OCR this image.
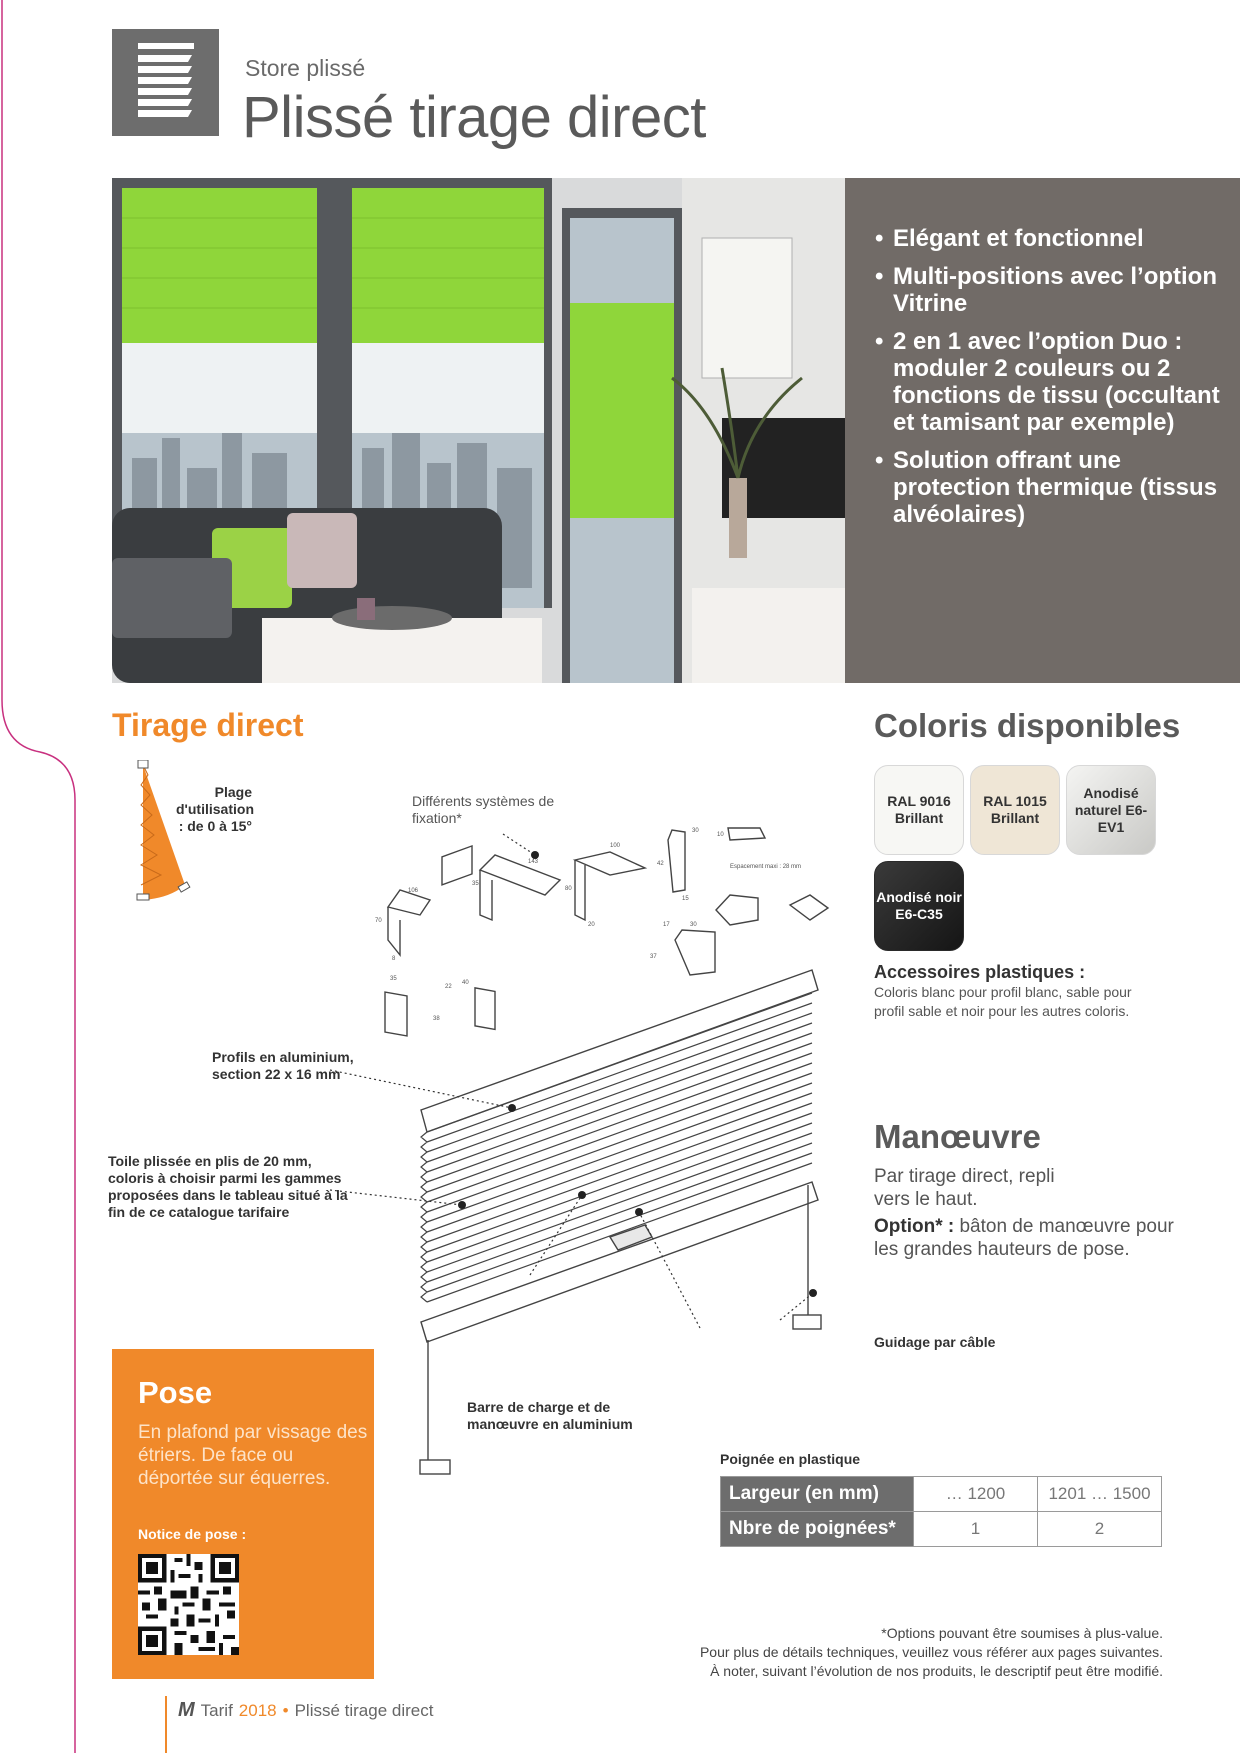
Store plissé
Plissé tirage direct
• Elégant et fonctionnel
• Multi-positions avec l’option Vitrine
• 2 en 1 avec l’option Duo : moduler 2 couleurs ou 2 fonctions de tissu (occultant et tamisant par exemple)
• Solution offrant une protection thermique (tissus alvéolaires)
Tirage direct
Plage d'utilisation : de 0 à 15°
Coloris disponibles
RAL 9016 Brillant
RAL 1015 Brillant
Anodisé naturel E6-EV1
Anodisé noir E6-C35
Accessoires plastiques :
Coloris blanc pour profil blanc, sable pour profil sable et noir pour les autres coloris.
Manœuvre
Par tirage direct, repli vers le haut.
Option* : bâton de manœuvre pour les grandes hauteurs de pose.
106
70
8
35
143
35
100
20
80
30
42
15
10
Espacement maxi : 28 mm
17	30
37
22
40
38
Différents systèmes de fixation*
Profils en aluminium, section 22 x 16 mm
Toile plissée en plis de 20 mm, coloris à choisir parmi les gammes proposées dans le tableau situé à la fin de ce catalogue tarifaire
Guidage par câble
Barre de charge et de manœuvre en aluminium
Poignée en plastique
Pose
En plafond par vissage des étriers. De face ou déportée sur équerres.
Notice de pose :
Largeur (en mm)	… 1200	1201 … 1500
Nbre de poignées*	1	2
*Options pouvant être soumises à plus-value.
Pour plus de détails techniques, veuillez vous référer aux pages suivantes.
À noter, suivant l’évolution de nos produits, le descriptif peut être modifié.
M Tarif 2018 • Plissé tirage direct
